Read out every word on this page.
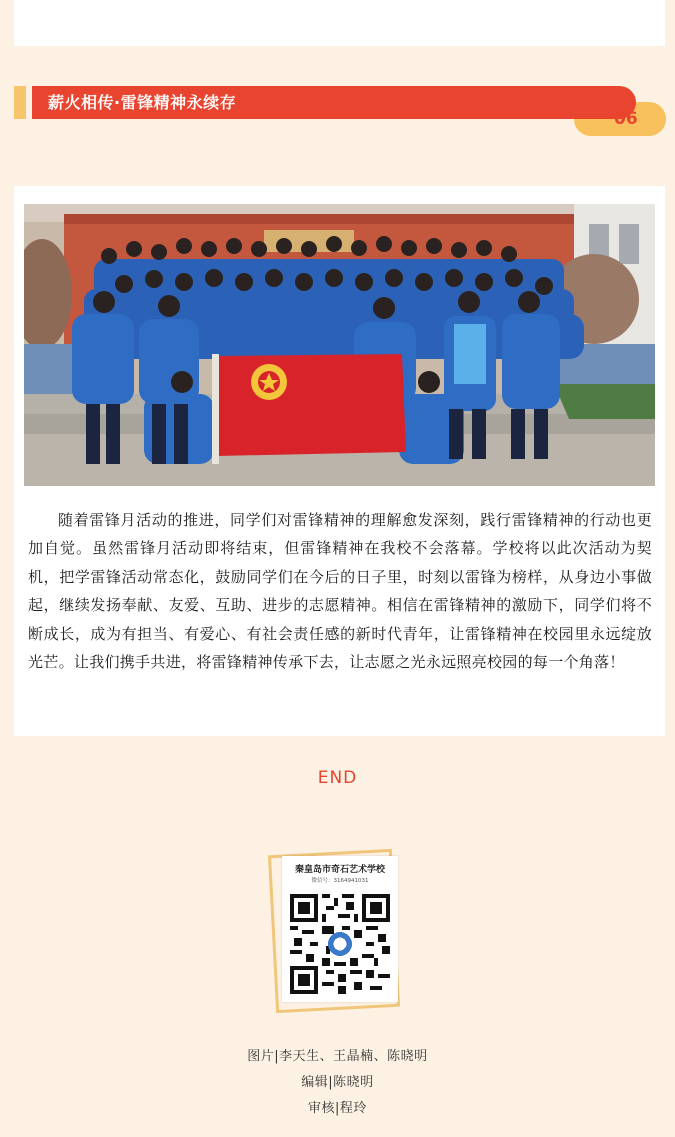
薪火相传·雷锋精神永续存
06

随着雷锋月活动的推进，同学们对雷锋精神的理解愈发深刻，践行雷锋精神的行动也更加自觉。虽然雷锋月活动即将结束，但雷锋精神在我校不会落幕。学校将以此次活动为契机，把学雷锋活动常态化，鼓励同学们在今后的日子里，时刻以雷锋为榜样，从身边小事做起，继续发扬奉献、友爱、互助、进步的志愿精神。相信在雷锋精神的激励下，同学们将不断成长，成为有担当、有爱心、有社会责任感的新时代青年，让雷锋精神在校园里永远绽放光芒。让我们携手共进，将雷锋精神传承下去，让志愿之光永远照亮校园的每一个角落！

END
秦皇岛市奇石艺术学校
微信号：3164941031
图片|李天生、王晶楠、陈晓明
编辑|陈晓明
审核|程玲
